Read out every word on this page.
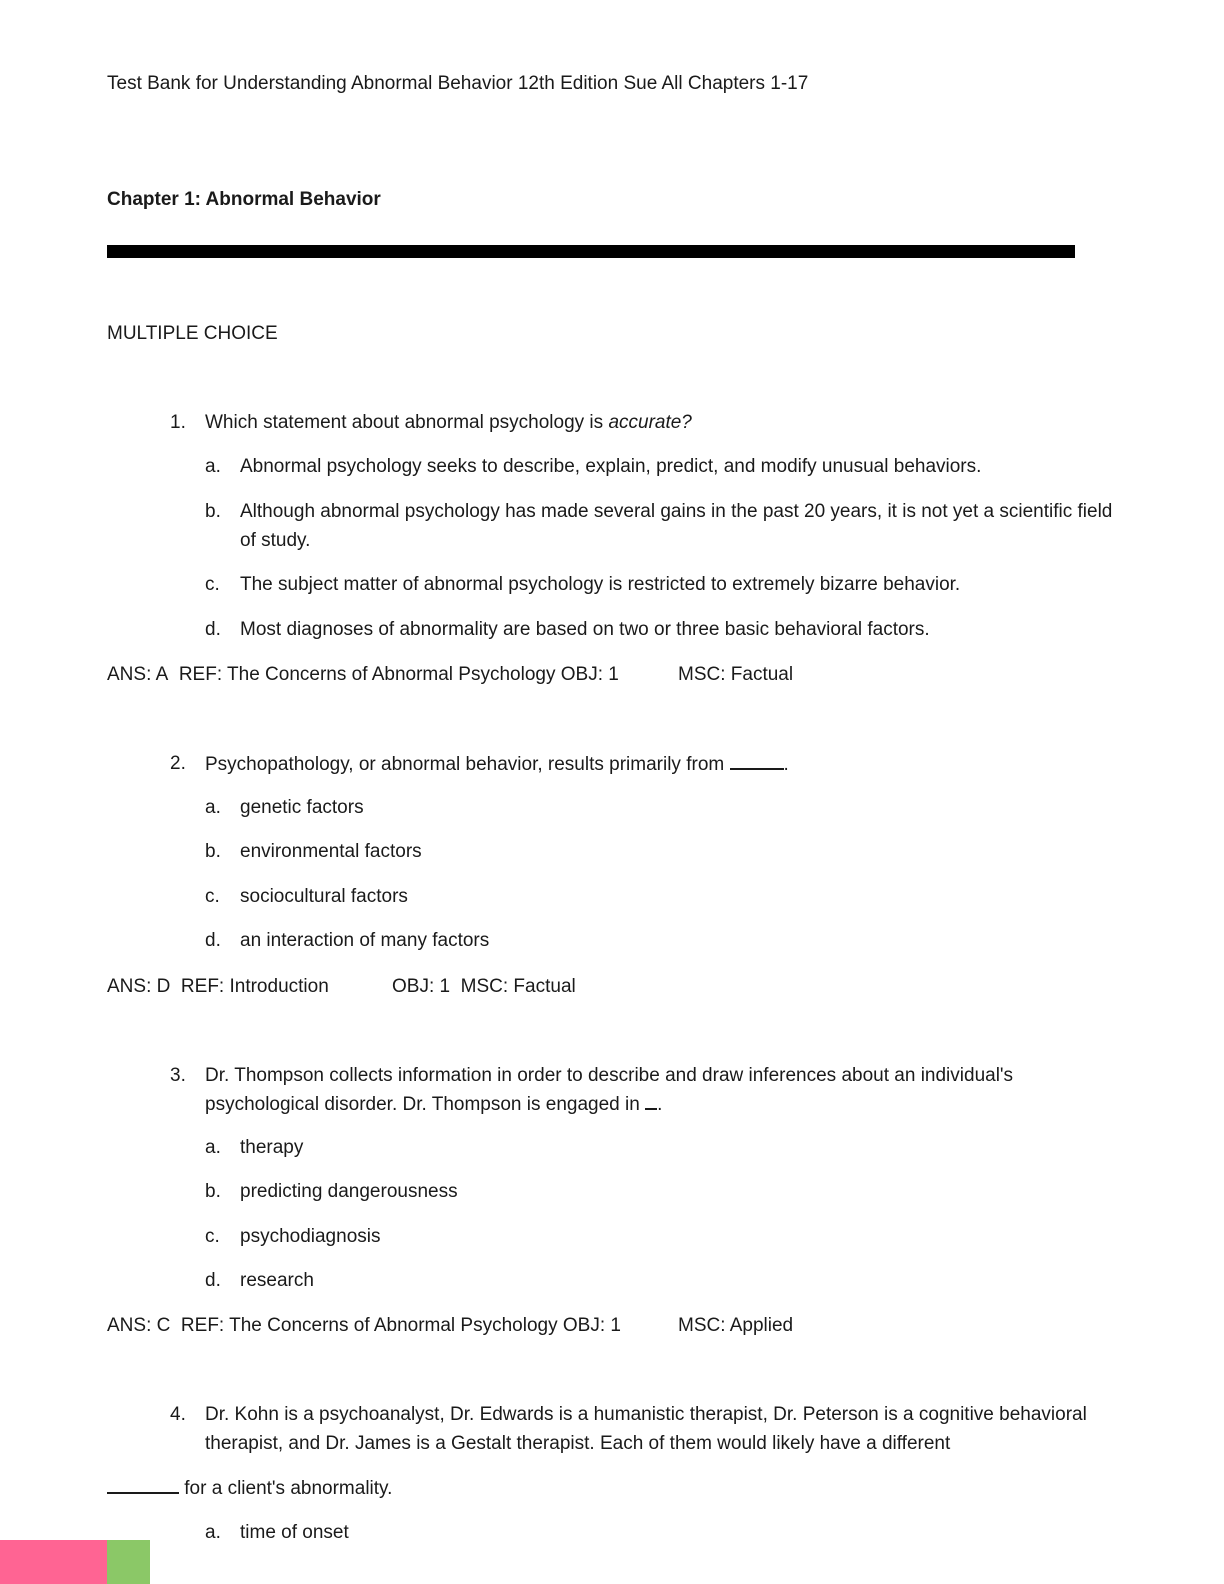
Test Bank for Understanding Abnormal Behavior 12th Edition Sue All Chapters 1-17
Chapter 1: Abnormal Behavior
MULTIPLE CHOICE
1.	Which statement about abnormal psychology is accurate?
a. Abnormal psychology seeks to describe, explain, predict, and modify unusual behaviors.
b. Although abnormal psychology has made several gains in the past 20 years, it is not yet a scientific field of study.
c. The subject matter of abnormal psychology is restricted to extremely bizarre behavior.
d. Most diagnoses of abnormality are based on two or three basic behavioral factors.
ANS: A REF: The Concerns of Abnormal Psychology OBJ: 1	MSC: Factual
2.	Psychopathology, or abnormal behavior, results primarily from	.
a. genetic factors
b. environmental factors
c. sociocultural factors
d. an interaction of many factors
ANS: D REF: Introduction	OBJ: 1 MSC: Factual
3.	Dr. Thompson collects information in order to describe and draw inferences about an individual's
psychological disorder. Dr. Thompson is engaged in .
a. therapy
b. predicting dangerousness
c. psychodiagnosis
d. research
ANS: C REF: The Concerns of Abnormal Psychology OBJ: 1	MSC: Applied
4.	Dr. Kohn is a psychoanalyst, Dr. Edwards is a humanistic therapist, Dr. Peterson is a cognitive behavioral
therapist, and Dr. James is a Gestalt therapist. Each of them would likely have a different
for a client's abnormality.
a. time of onset
